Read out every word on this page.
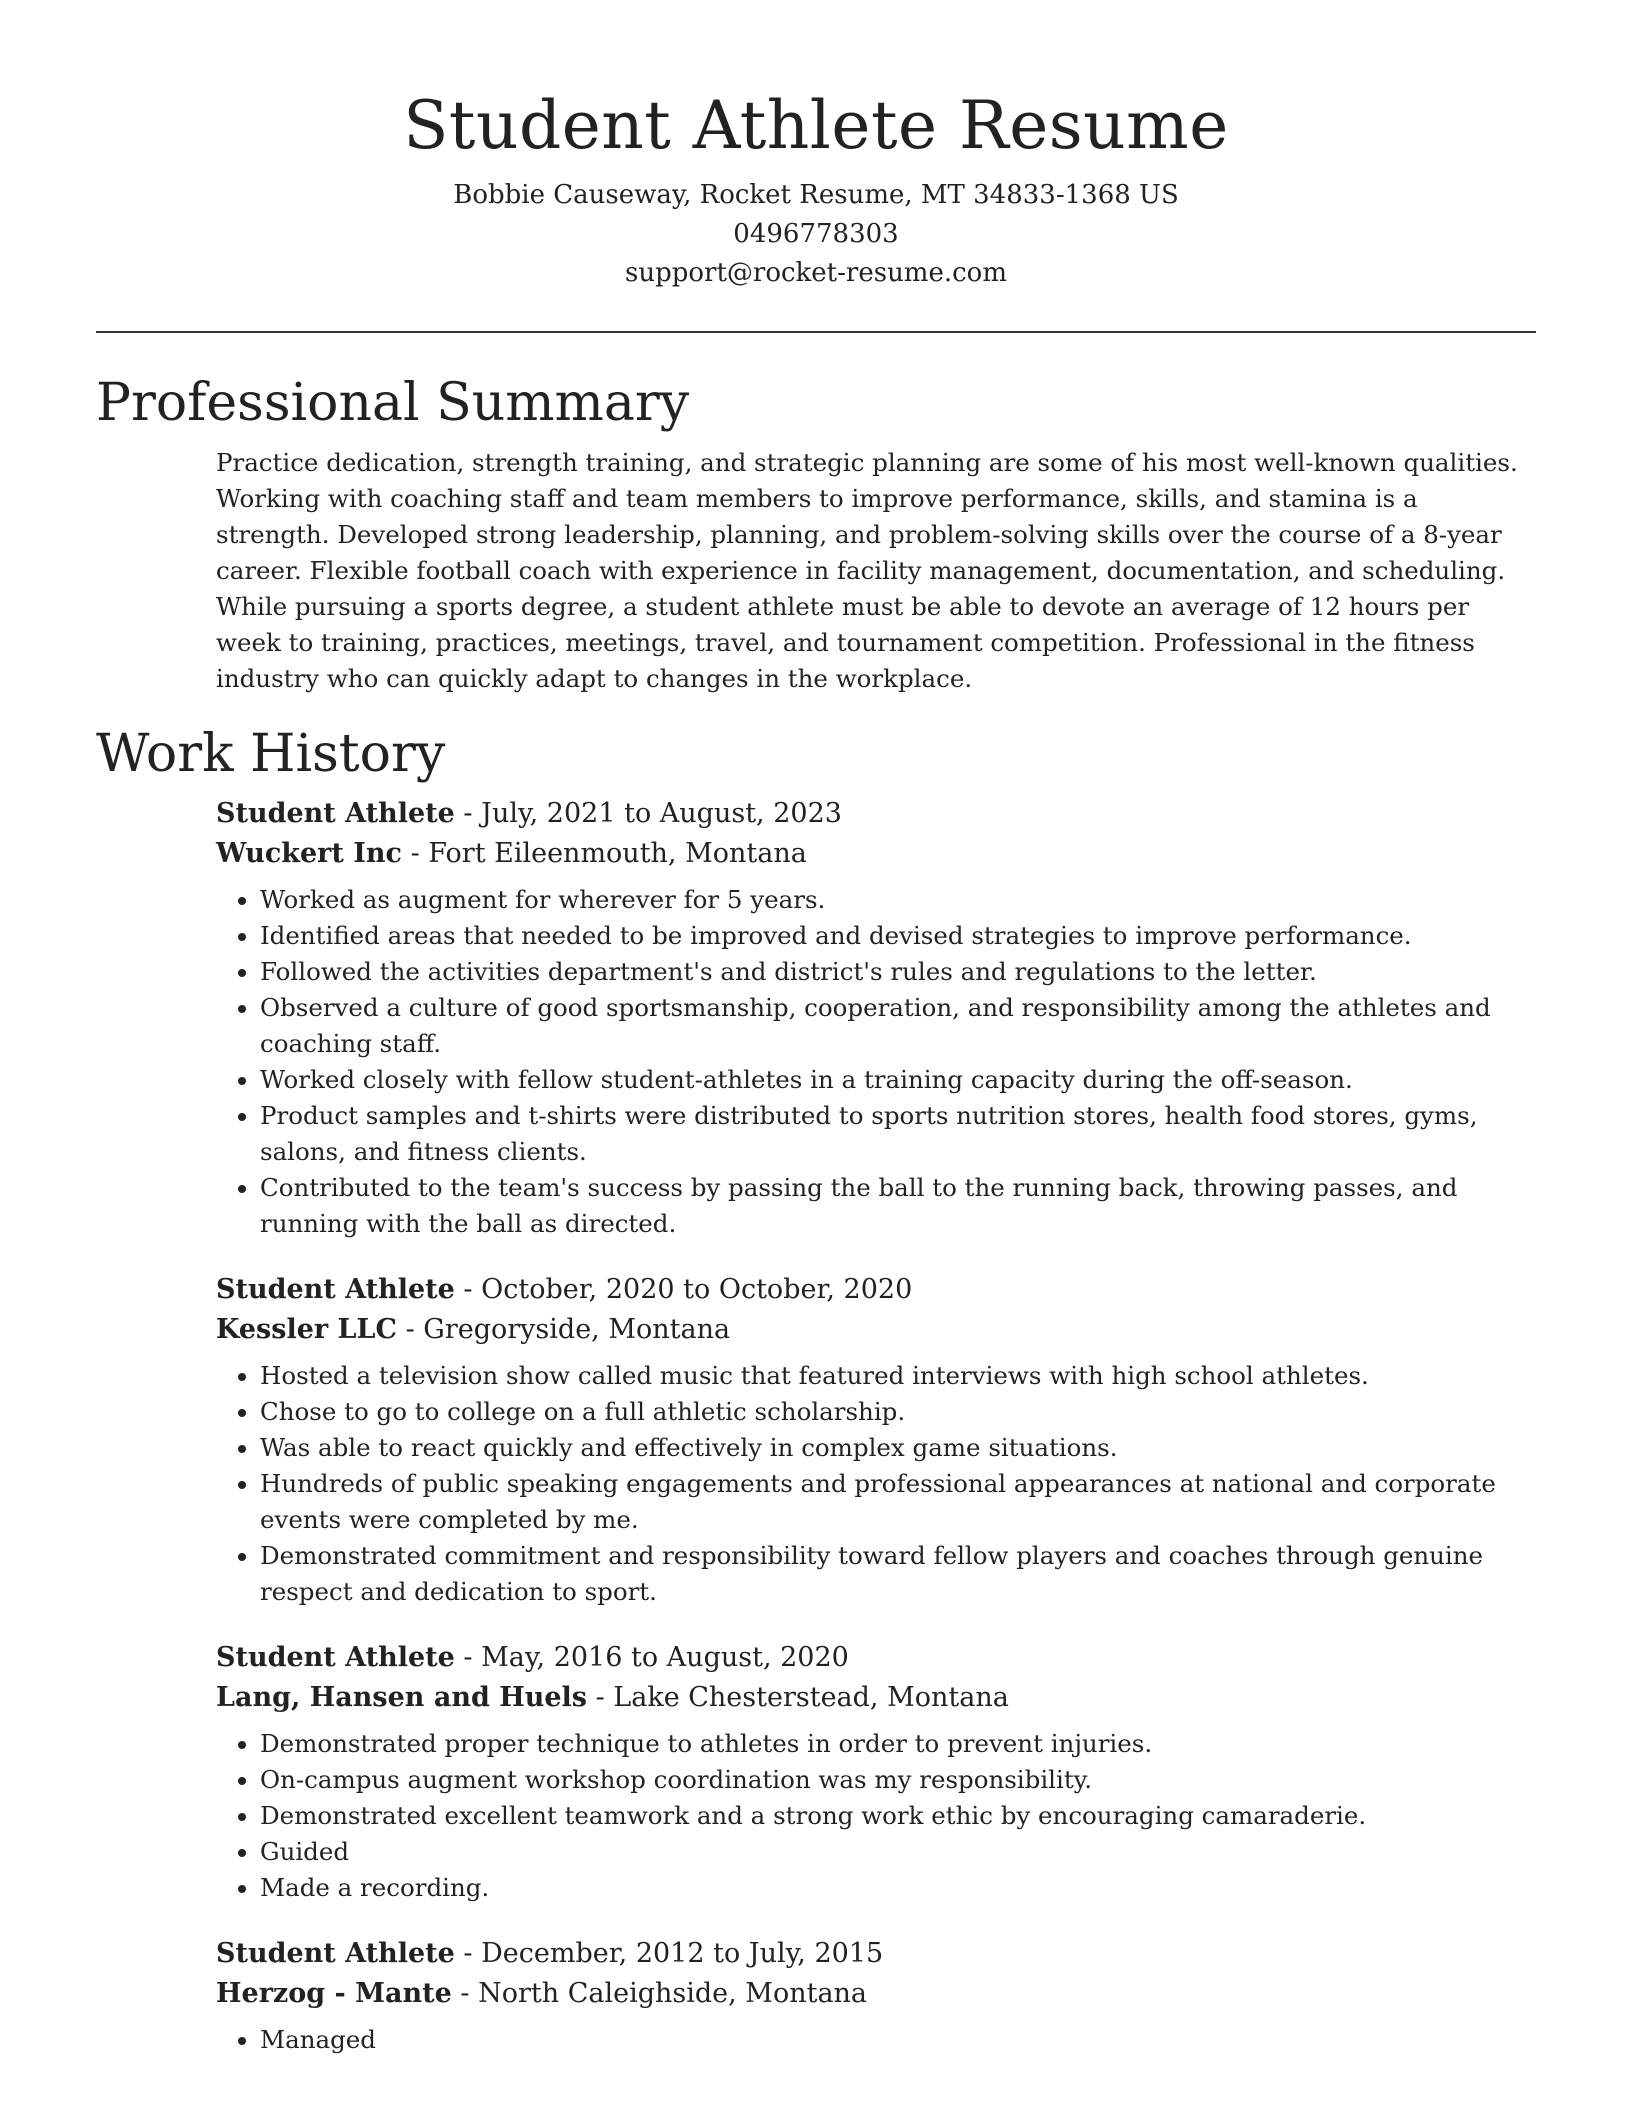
Student Athlete Resume
Bobbie Causeway, Rocket Resume, MT 34833-1368 US
0496778303
support@rocket-resume.com
Professional Summary

Practice dedication, strength training, and strategic planning are some of his most well-known qualities. Working with coaching staff and team members to improve performance, skills, and stamina is a strength. Developed strong leadership, planning, and problem-solving skills over the course of a 8-year career. Flexible football coach with experience in facility management, documentation, and scheduling. While pursuing a sports degree, a student athlete must be able to devote an average of 12 hours per week to training, practices, meetings, travel, and tournament competition. Professional in the fitness industry who can quickly adapt to changes in the workplace.

Work History
Student Athlete - July, 2021 to August, 2023
Wuckert Inc - Fort Eileenmouth, Montana
• Worked as augment for wherever for 5 years.
• Identified areas that needed to be improved and devised strategies to improve performance.
• Followed the activities department's and district's rules and regulations to the letter.
• Observed a culture of good sportsmanship, cooperation, and responsibility among the athletes and coaching staff.
• Worked closely with fellow student-athletes in a training capacity during the off-season.
• Product samples and t-shirts were distributed to sports nutrition stores, health food stores, gyms, salons, and fitness clients.
• Contributed to the team's success by passing the ball to the running back, throwing passes, and running with the ball as directed.
Student Athlete - October, 2020 to October, 2020
Kessler LLC - Gregoryside, Montana
• Hosted a television show called music that featured interviews with high school athletes.
• Chose to go to college on a full athletic scholarship.
• Was able to react quickly and effectively in complex game situations.
• Hundreds of public speaking engagements and professional appearances at national and corporate events were completed by me.
• Demonstrated commitment and responsibility toward fellow players and coaches through genuine respect and dedication to sport.
Student Athlete - May, 2016 to August, 2020
Lang, Hansen and Huels - Lake Chesterstead, Montana
• Demonstrated proper technique to athletes in order to prevent injuries.
• On-campus augment workshop coordination was my responsibility.
• Demonstrated excellent teamwork and a strong work ethic by encouraging camaraderie.
• Guided
• Made a recording.
Student Athlete - December, 2012 to July, 2015
Herzog - Mante - North Caleighside, Montana
• Managed
